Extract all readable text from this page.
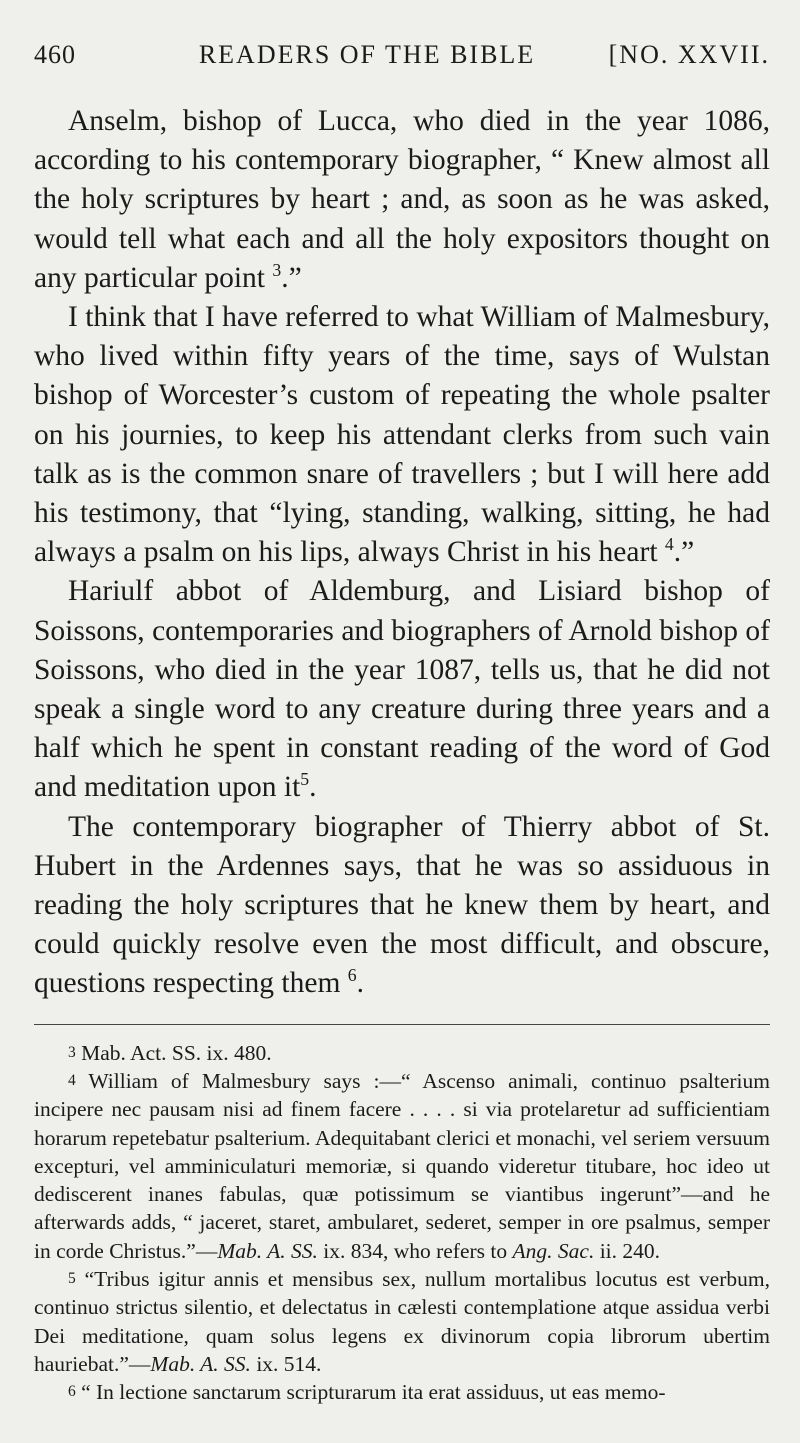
460	READERS OF THE BIBLE	[NO. XXVII.

Anselm, bishop of Lucca, who died in the year 1086, according to his contemporary biographer, “ Knew almost all the holy scriptures by heart ; and, as soon as he was asked, would tell what each and all the holy expositors thought on any particular point $^3$.”

I think that I have referred to what William of Malmesbury, who lived within fifty years of the time, says of Wulstan bishop of Worcester’s custom of repeating the whole psalter on his journies, to keep his attendant clerks from such vain talk as is the common snare of travellers ; but I will here add his testimony, that “lying, standing, walking, sitting, he had always a psalm on his lips, always Christ in his heart $^4$.”

Hariulf abbot of Aldemburg, and Lisiard bishop of Soissons, contemporaries and biographers of Arnold bishop of Soissons, who died in the year 1087, tells us, that he did not speak a single word to any creature during three years and a half which he spent in constant reading of the word of God and meditation upon it$^5$.

The contemporary biographer of Thierry abbot of St. Hubert in the Ardennes says, that he was so assiduous in reading the holy scriptures that he knew them by heart, and could quickly resolve even the most difficult, and obscure, questions respecting them $^6$.

$^3$ Mab. Act. SS. ix. 480.

$^4$ William of Malmesbury says :—“ Ascenso animali, continuo psalterium incipere nec pausam nisi ad finem facere . . . . si via protelaretur ad sufficientiam horarum repetebatur psalterium. Adequitabant clerici et monachi, vel seriem versuum excepturi, vel amminiculaturi memoriæ, si quando videretur titubare, hoc ideo ut dediscerent inanes fabulas, quæ potissimum se viantibus ingerunt”—and he afterwards adds, “ jaceret, staret, ambularet, sederet, semper in ore psalmus, semper in corde Christus.”—Mab. A. SS. ix. 834, who refers to Ang. Sac. ii. 240.

$^5$ “Tribus igitur annis et mensibus sex, nullum mortalibus locutus est verbum, continuo strictus silentio, et delectatus in cælesti contemplatione atque assidua verbi Dei meditatione, quam solus legens ex divinorum copia librorum ubertim hauriebat.”—Mab. A. SS. ix. 514.

$^6$ “ In lectione sanctarum scripturarum ita erat assiduus, ut eas memo-
